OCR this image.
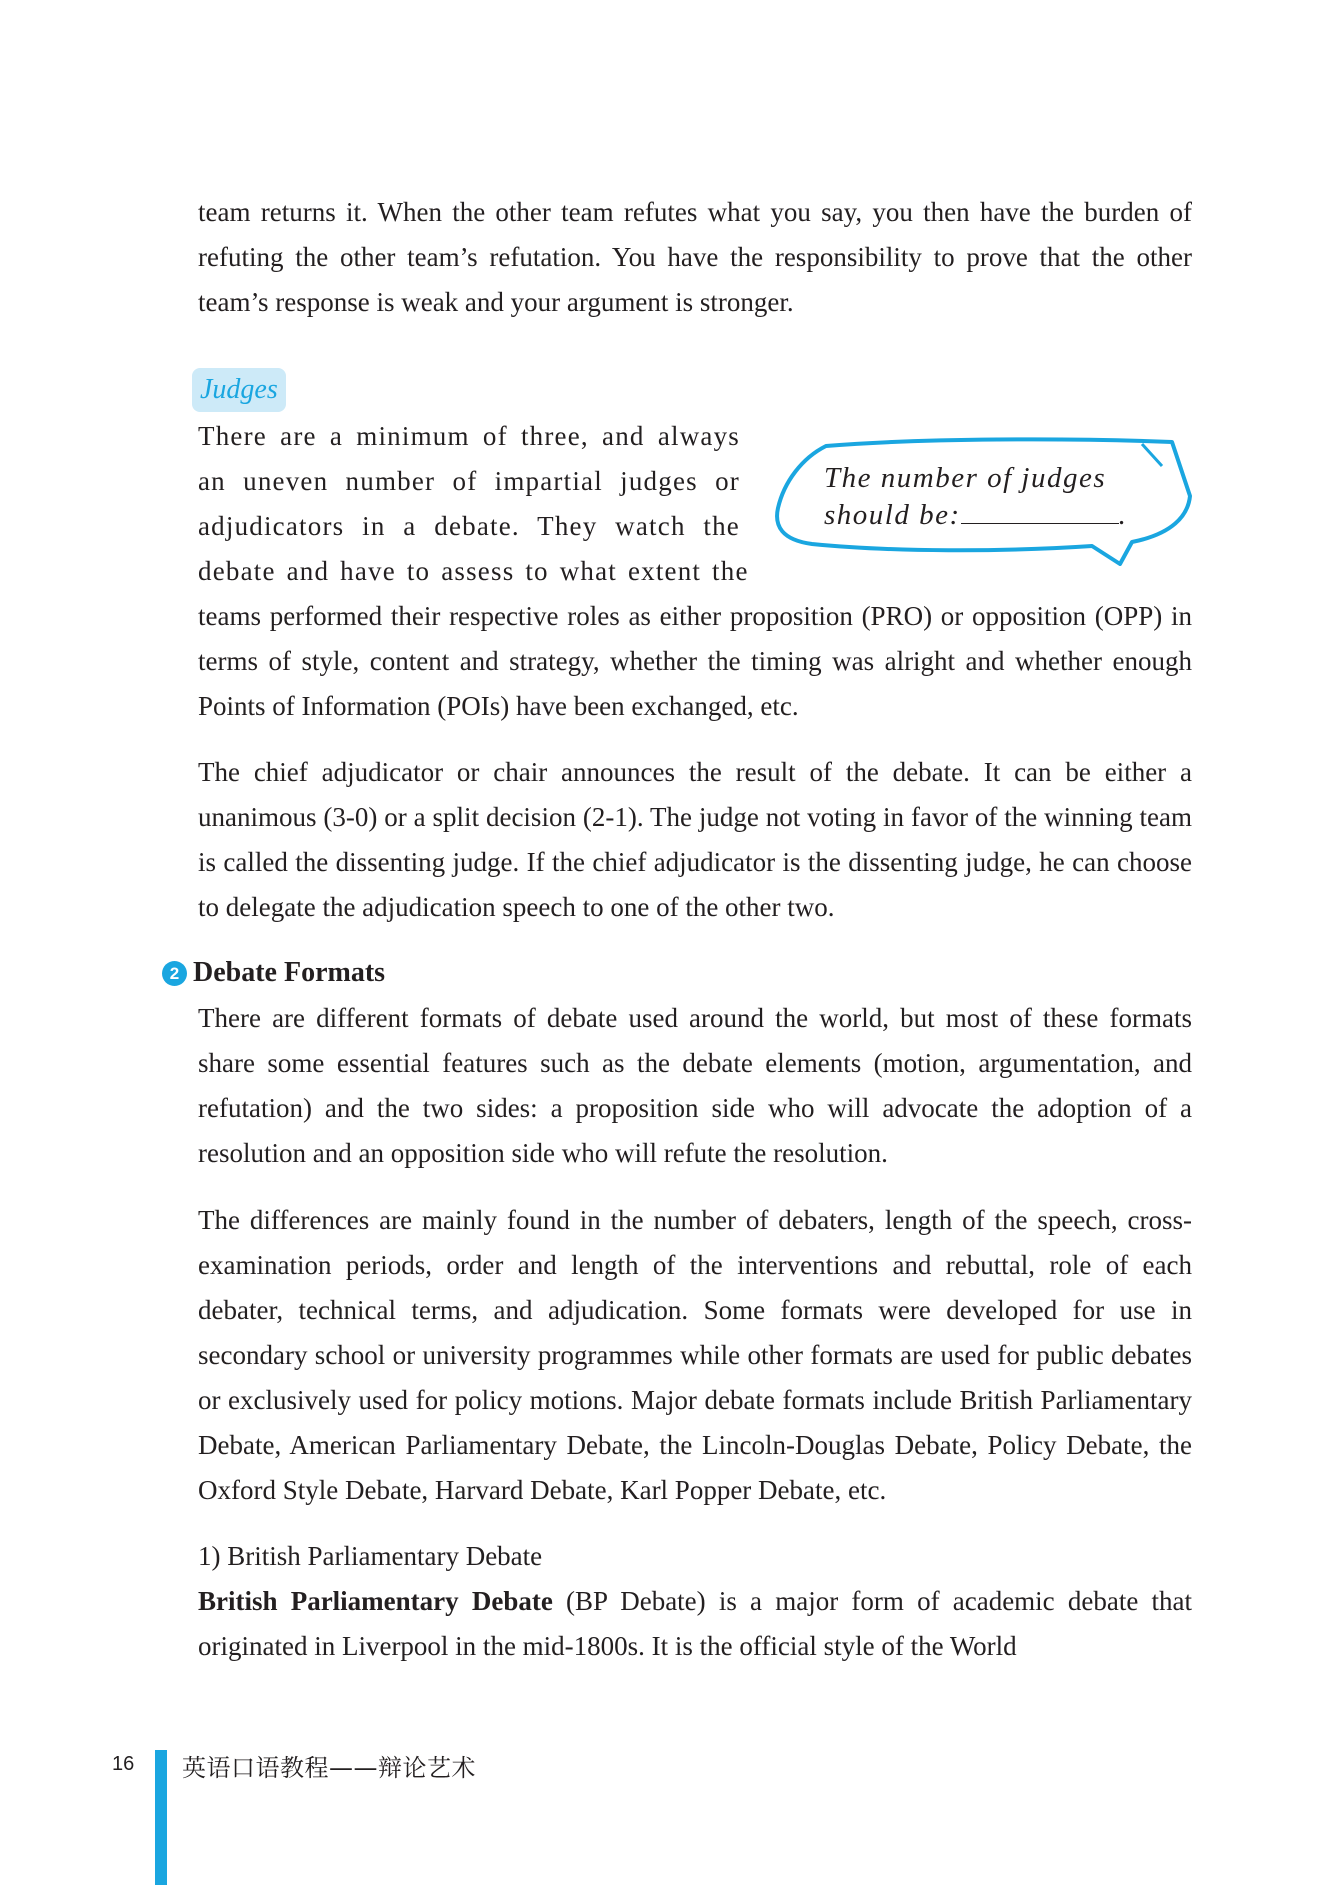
team returns it. When the other team refutes what you say, you then have the burden of refuting the other team’s refutation. You have the responsibility to prove that the other team’s response is weak and your argument is stronger.

Judges
There are a minimum of three, and always
an uneven number of impartial judges or
adjudicators in a debate. They watch the
debate and have to assess to what extent the
The number of judges
should be:	.

teams performed their respective roles as either proposition (PRO) or opposition (OPP) in terms of style, content and strategy, whether the timing was alright and whether enough Points of Information (POIs) have been exchanged, etc.

The chief adjudicator or chair announces the result of the debate. It can be either a unanimous (3-0) or a split decision (2-1). The judge not voting in favor of the winning team is called the dissenting judge. If the chief adjudicator is the dissenting judge, he can choose to delegate the adjudication speech to one of the other two.

2 Debate Formats

There are different formats of debate used around the world, but most of these formats share some essential features such as the debate elements (motion, argumentation, and refutation) and the two sides: a proposition side who will advocate the adoption of a resolution and an opposition side who will refute the resolution.

The differences are mainly found in the number of debaters, length of the speech, cross-examination periods, order and length of the interventions and rebuttal, role of each debater, technical terms, and adjudication. Some formats were developed for use in secondary school or university programmes while other formats are used for public debates or exclusively used for policy motions. Major debate formats include British Parliamentary Debate, American Parliamentary Debate, the Lincoln-Douglas Debate, Policy Debate, the Oxford Style Debate, Harvard Debate, Karl Popper Debate, etc.

1) British Parliamentary Debate

British Parliamentary Debate (BP Debate) is a major form of academic debate that originated in Liverpool in the mid-1800s. It is the official style of the World

16 英语口语教程——辩论艺术
